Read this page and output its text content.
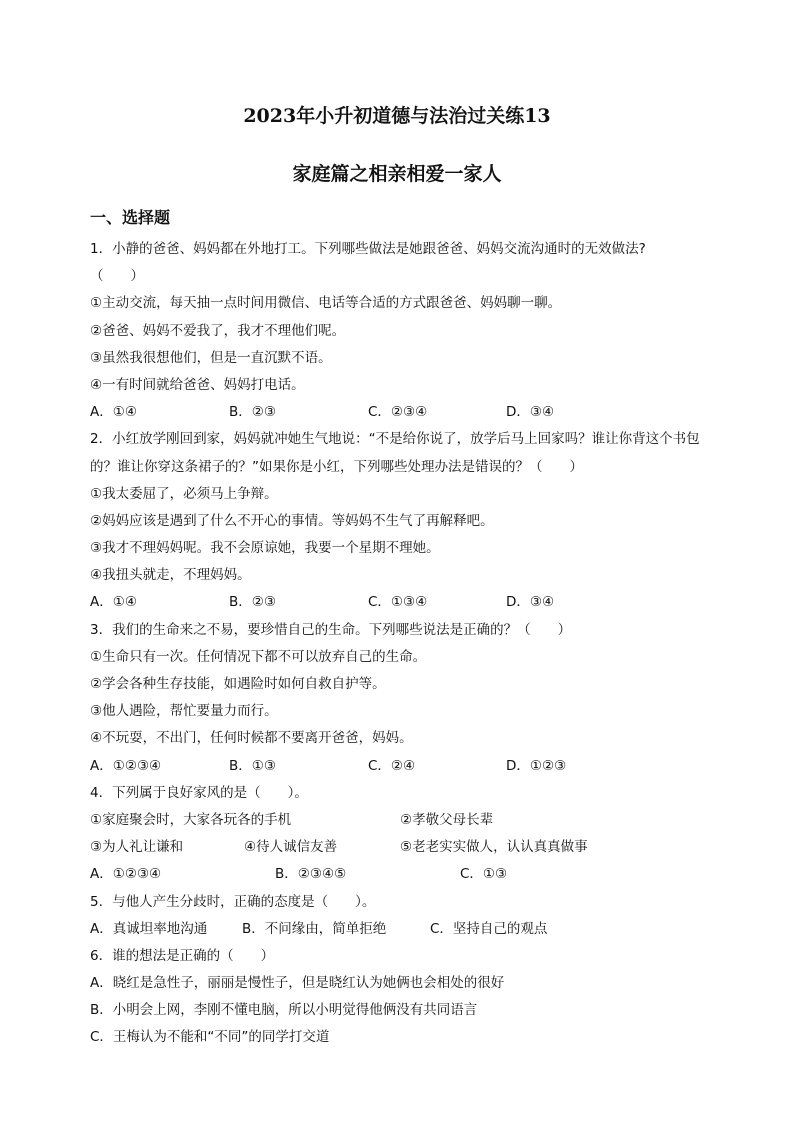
2023年小升初道德与法治过关练13
家庭篇之相亲相爱一家人
一、选择题
1．小静的爸爸、妈妈都在外地打工。下列哪些做法是她跟爸爸、妈妈交流沟通时的无效做法?
（　　）
①主动交流，每天抽一点时间用微信、电话等合适的方式跟爸爸、妈妈聊一聊。
②爸爸、妈妈不爱我了，我才不理他们呢。
③虽然我很想他们，但是一直沉默不语。
④一有时间就给爸爸、妈妈打电话。
A．①④	B．②③	C．②③④	D．③④
2．小红放学刚回到家，妈妈就冲她生气地说：“不是给你说了，放学后马上回家吗？谁让你背这个书包的？谁让你穿这条裙子的？”如果你是小红，下列哪些处理办法是错误的？（　　）
①我太委屈了，必须马上争辩。
②妈妈应该是遇到了什么不开心的事情。等妈妈不生气了再解释吧。
③我才不理妈妈呢。我不会原谅她，我要一个星期不理她。
④我扭头就走，不理妈妈。
A．①④	B．②③	C．①③④	D．③④
3．我们的生命来之不易，要珍惜自己的生命。下列哪些说法是正确的？（　　）
①生命只有一次。任何情况下都不可以放弃自己的生命。
②学会各种生存技能，如遇险时如何自救自护等。
③他人遇险，帮忙要量力而行。
④不玩耍，不出门，任何时候都不要离开爸爸，妈妈。
A．①②③④	B．①③	C．②④	D．①②③
4．下列属于良好家风的是（　　）。
①家庭聚会时，大家各玩各的手机	②孝敬父母长辈
③为人礼让谦和	④待人诚信友善	⑤老老实实做人，认认真真做事
A．①②③④	B．②③④⑤	C．①③
5．与他人产生分歧时，正确的态度是（　　）。
A．真诚坦率地沟通	B．不问缘由，简单拒绝	C．坚持自己的观点
6．谁的想法是正确的（　　）
A．晓红是急性子，丽丽是慢性子，但是晓红认为她俩也会相处的很好
B．小明会上网，李刚不懂电脑，所以小明觉得他俩没有共同语言
C．王梅认为不能和“不同”的同学打交道
